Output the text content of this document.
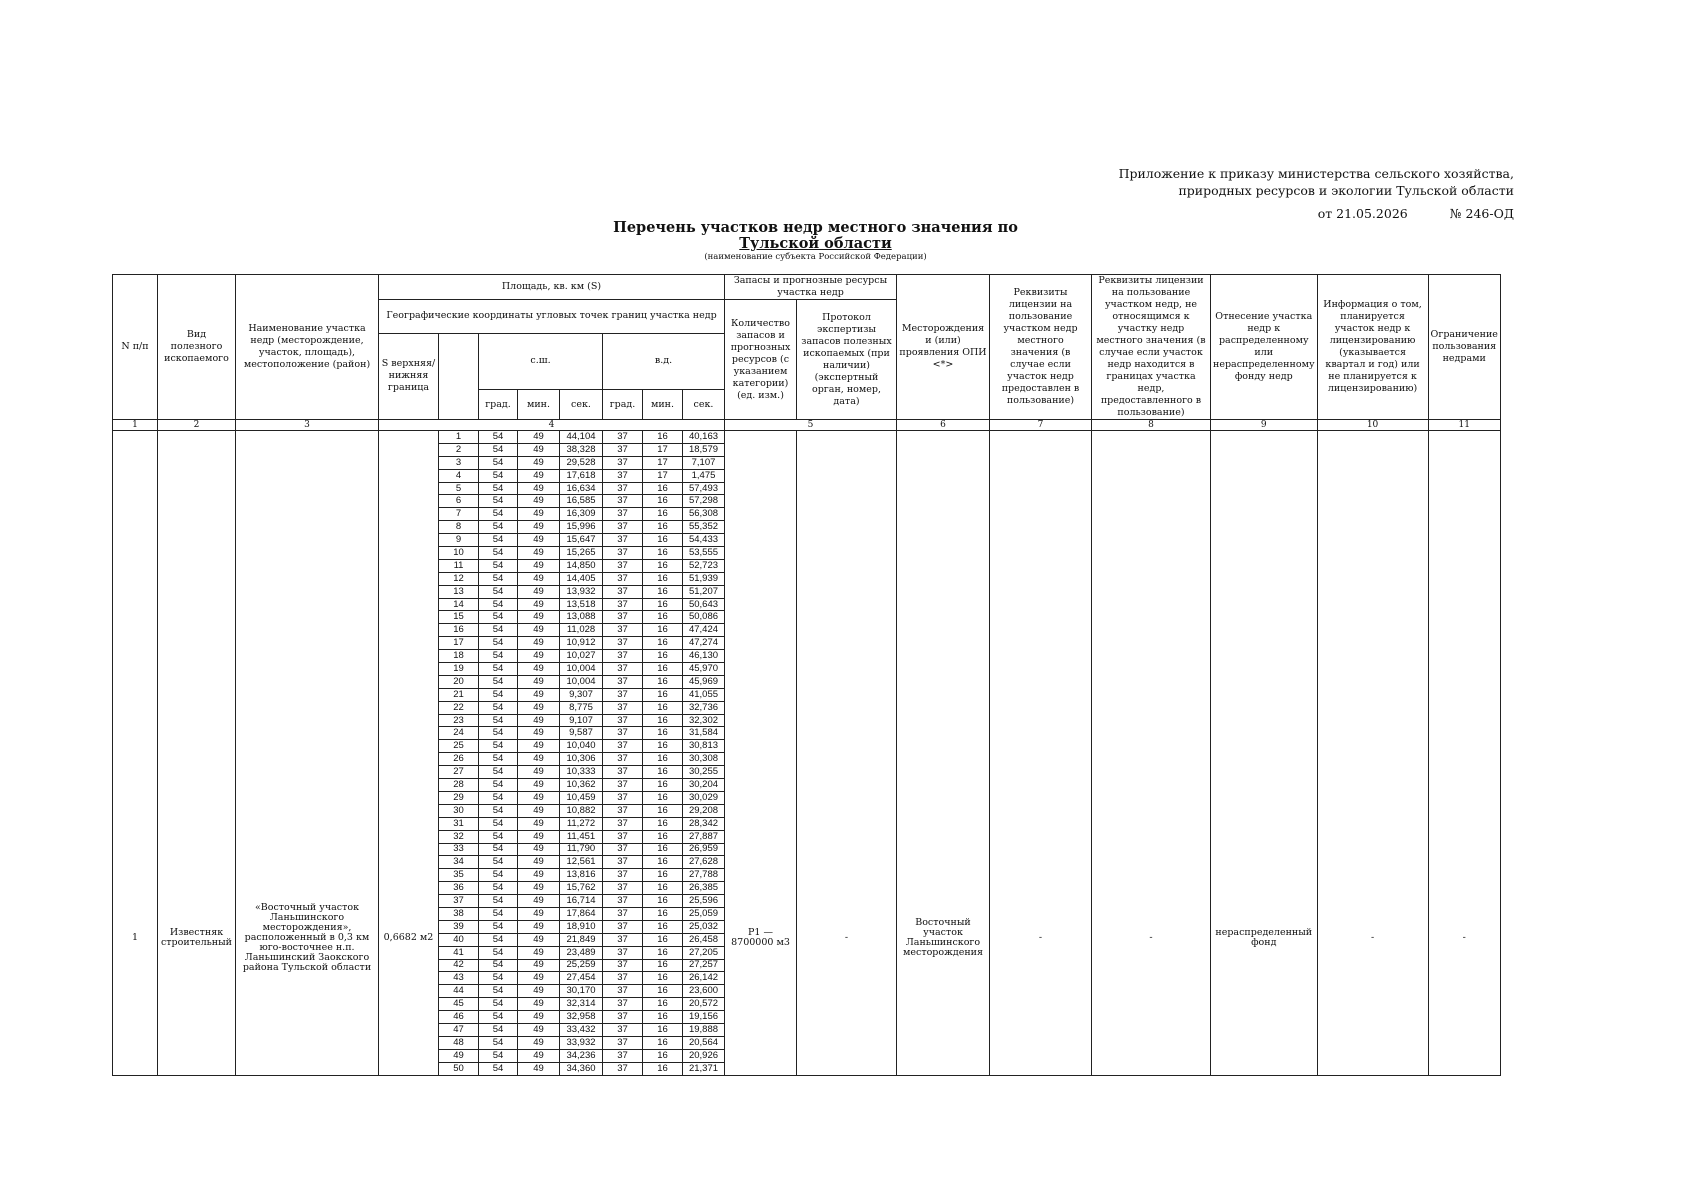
Приложение к приказу министерства сельского хозяйства,
природных ресурсов и экологии Тульской области
от 21.05.2026	№ 246-ОД
Перечень участков недр местного значения по
Тульской области
(наименование субъекта Российской Федерации)
N п/п	Вид полезного ископаемого	Наименование участка недр (месторождение, участок, площадь), местоположение (район)	Площадь, кв. км (S)								Запасы и прогнозные ресурсы участка недр		Месторождения и (или) проявления ОПИ <*>	Реквизиты лицензии на пользование участком недр местного значения (в случае если участок недр предоставлен в пользование)	Реквизиты лицензии на пользование участком недр, не относящимся к участку недр местного значения (в случае если участок недр находится в границах участка недр, предоставленного в пользование)	Отнесение участка недр к распределенному или нераспределенному фонду недр	Информация о том, планируется участок недр к лицензированию (указывается квартал и год) или не планируется к лицензированию)	Ограничение пользования недрами
			Географические координаты угловых точек границ участка недр								Количество запасов и прогнозных ресурсов (с указанием категории) (ед. изм.)	Протокол экспертизы запасов полезных ископаемых (при наличии) (экспертный орган, номер, дата)						
			S верхняя/нижняя граница		с.ш.			в.д.										
					град.	мин.	сек.	град.	мин.	сек.								
1	2	3	4								5		6	7	8	9	10	11
1	Известняк строительный	«Восточный участок Ланьшинского месторождения», расположенный в 0,3 км юго-восточнее н.п. Ланьшинский Заокского района Тульской области	0,6682 м2	1	54	49	44,104	37	16	40,163	P1 — 8700000 м3	-	Восточный участок Ланьшинского месторождения	-	-	нераспределенный фонд	-	-
				2	54	49	38,328	37	17	18,579								
				3	54	49	29,528	37	17	7,107								
				4	54	49	17,618	37	17	1,475								
				5	54	49	16,634	37	16	57,493								
				6	54	49	16,585	37	16	57,298								
				7	54	49	16,309	37	16	56,308								
				8	54	49	15,996	37	16	55,352								
				9	54	49	15,647	37	16	54,433								
				10	54	49	15,265	37	16	53,555								
				11	54	49	14,850	37	16	52,723								
				12	54	49	14,405	37	16	51,939								
				13	54	49	13,932	37	16	51,207								
				14	54	49	13,518	37	16	50,643								
				15	54	49	13,088	37	16	50,086								
				16	54	49	11,028	37	16	47,424								
				17	54	49	10,912	37	16	47,274								
				18	54	49	10,027	37	16	46,130								
				19	54	49	10,004	37	16	45,970								
				20	54	49	10,004	37	16	45,969								
				21	54	49	9,307	37	16	41,055								
				22	54	49	8,775	37	16	32,736								
				23	54	49	9,107	37	16	32,302								
				24	54	49	9,587	37	16	31,584								
				25	54	49	10,040	37	16	30,813								
				26	54	49	10,306	37	16	30,308								
				27	54	49	10,333	37	16	30,255								
				28	54	49	10,362	37	16	30,204								
				29	54	49	10,459	37	16	30,029								
				30	54	49	10,882	37	16	29,208								
				31	54	49	11,272	37	16	28,342								
				32	54	49	11,451	37	16	27,887								
				33	54	49	11,790	37	16	26,959								
				34	54	49	12,561	37	16	27,628								
				35	54	49	13,816	37	16	27,788								
				36	54	49	15,762	37	16	26,385								
				37	54	49	16,714	37	16	25,596								
				38	54	49	17,864	37	16	25,059								
				39	54	49	18,910	37	16	25,032								
				40	54	49	21,849	37	16	26,458								
				41	54	49	23,489	37	16	27,205								
				42	54	49	25,259	37	16	27,257								
				43	54	49	27,454	37	16	26,142								
				44	54	49	30,170	37	16	23,600								
				45	54	49	32,314	37	16	20,572								
				46	54	49	32,958	37	16	19,156								
				47	54	49	33,432	37	16	19,888								
				48	54	49	33,932	37	16	20,564								
				49	54	49	34,236	37	16	20,926								
				50	54	49	34,360	37	16	21,371								
